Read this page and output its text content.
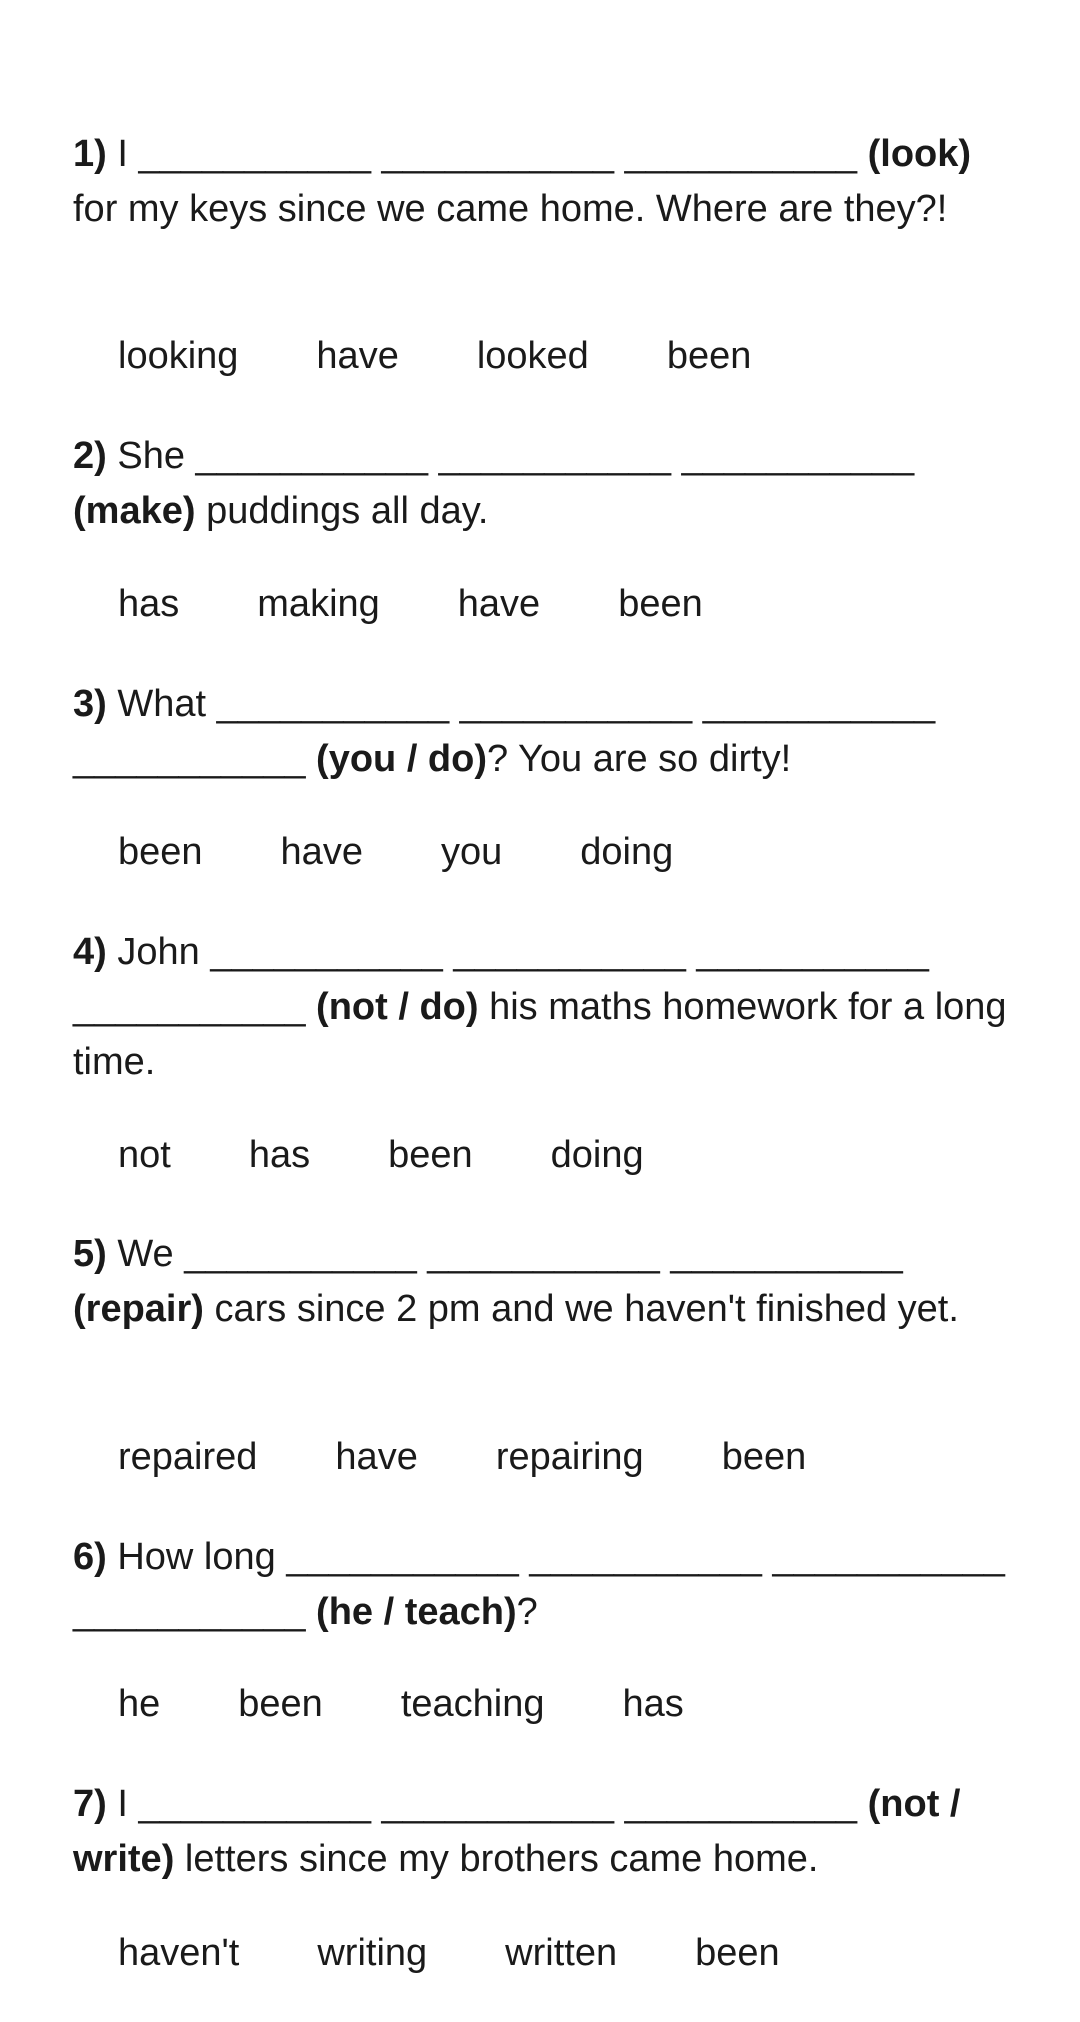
1) I ___________ ___________ ___________ (look) for my keys since we came home. Where are they?!
looking have looked been
2) She ___________ ___________ ___________ (make) puddings all day.
has making have been
3) What ___________ ___________ ___________ ___________ (you / do)? You are so dirty!
been have you doing
4) John ___________ ___________ ___________ ___________ (not / do) his maths homework for a long time.
not has been doing
5) We ___________ ___________ ___________ (repair) cars since 2 pm and we haven't finished yet.
repaired have repairing been
6) How long ___________ ___________ ___________ ___________ (he / teach)?
he been teaching has
7) I ___________ ___________ ___________ (not / write) letters since my brothers came home.
haven't writing written been
